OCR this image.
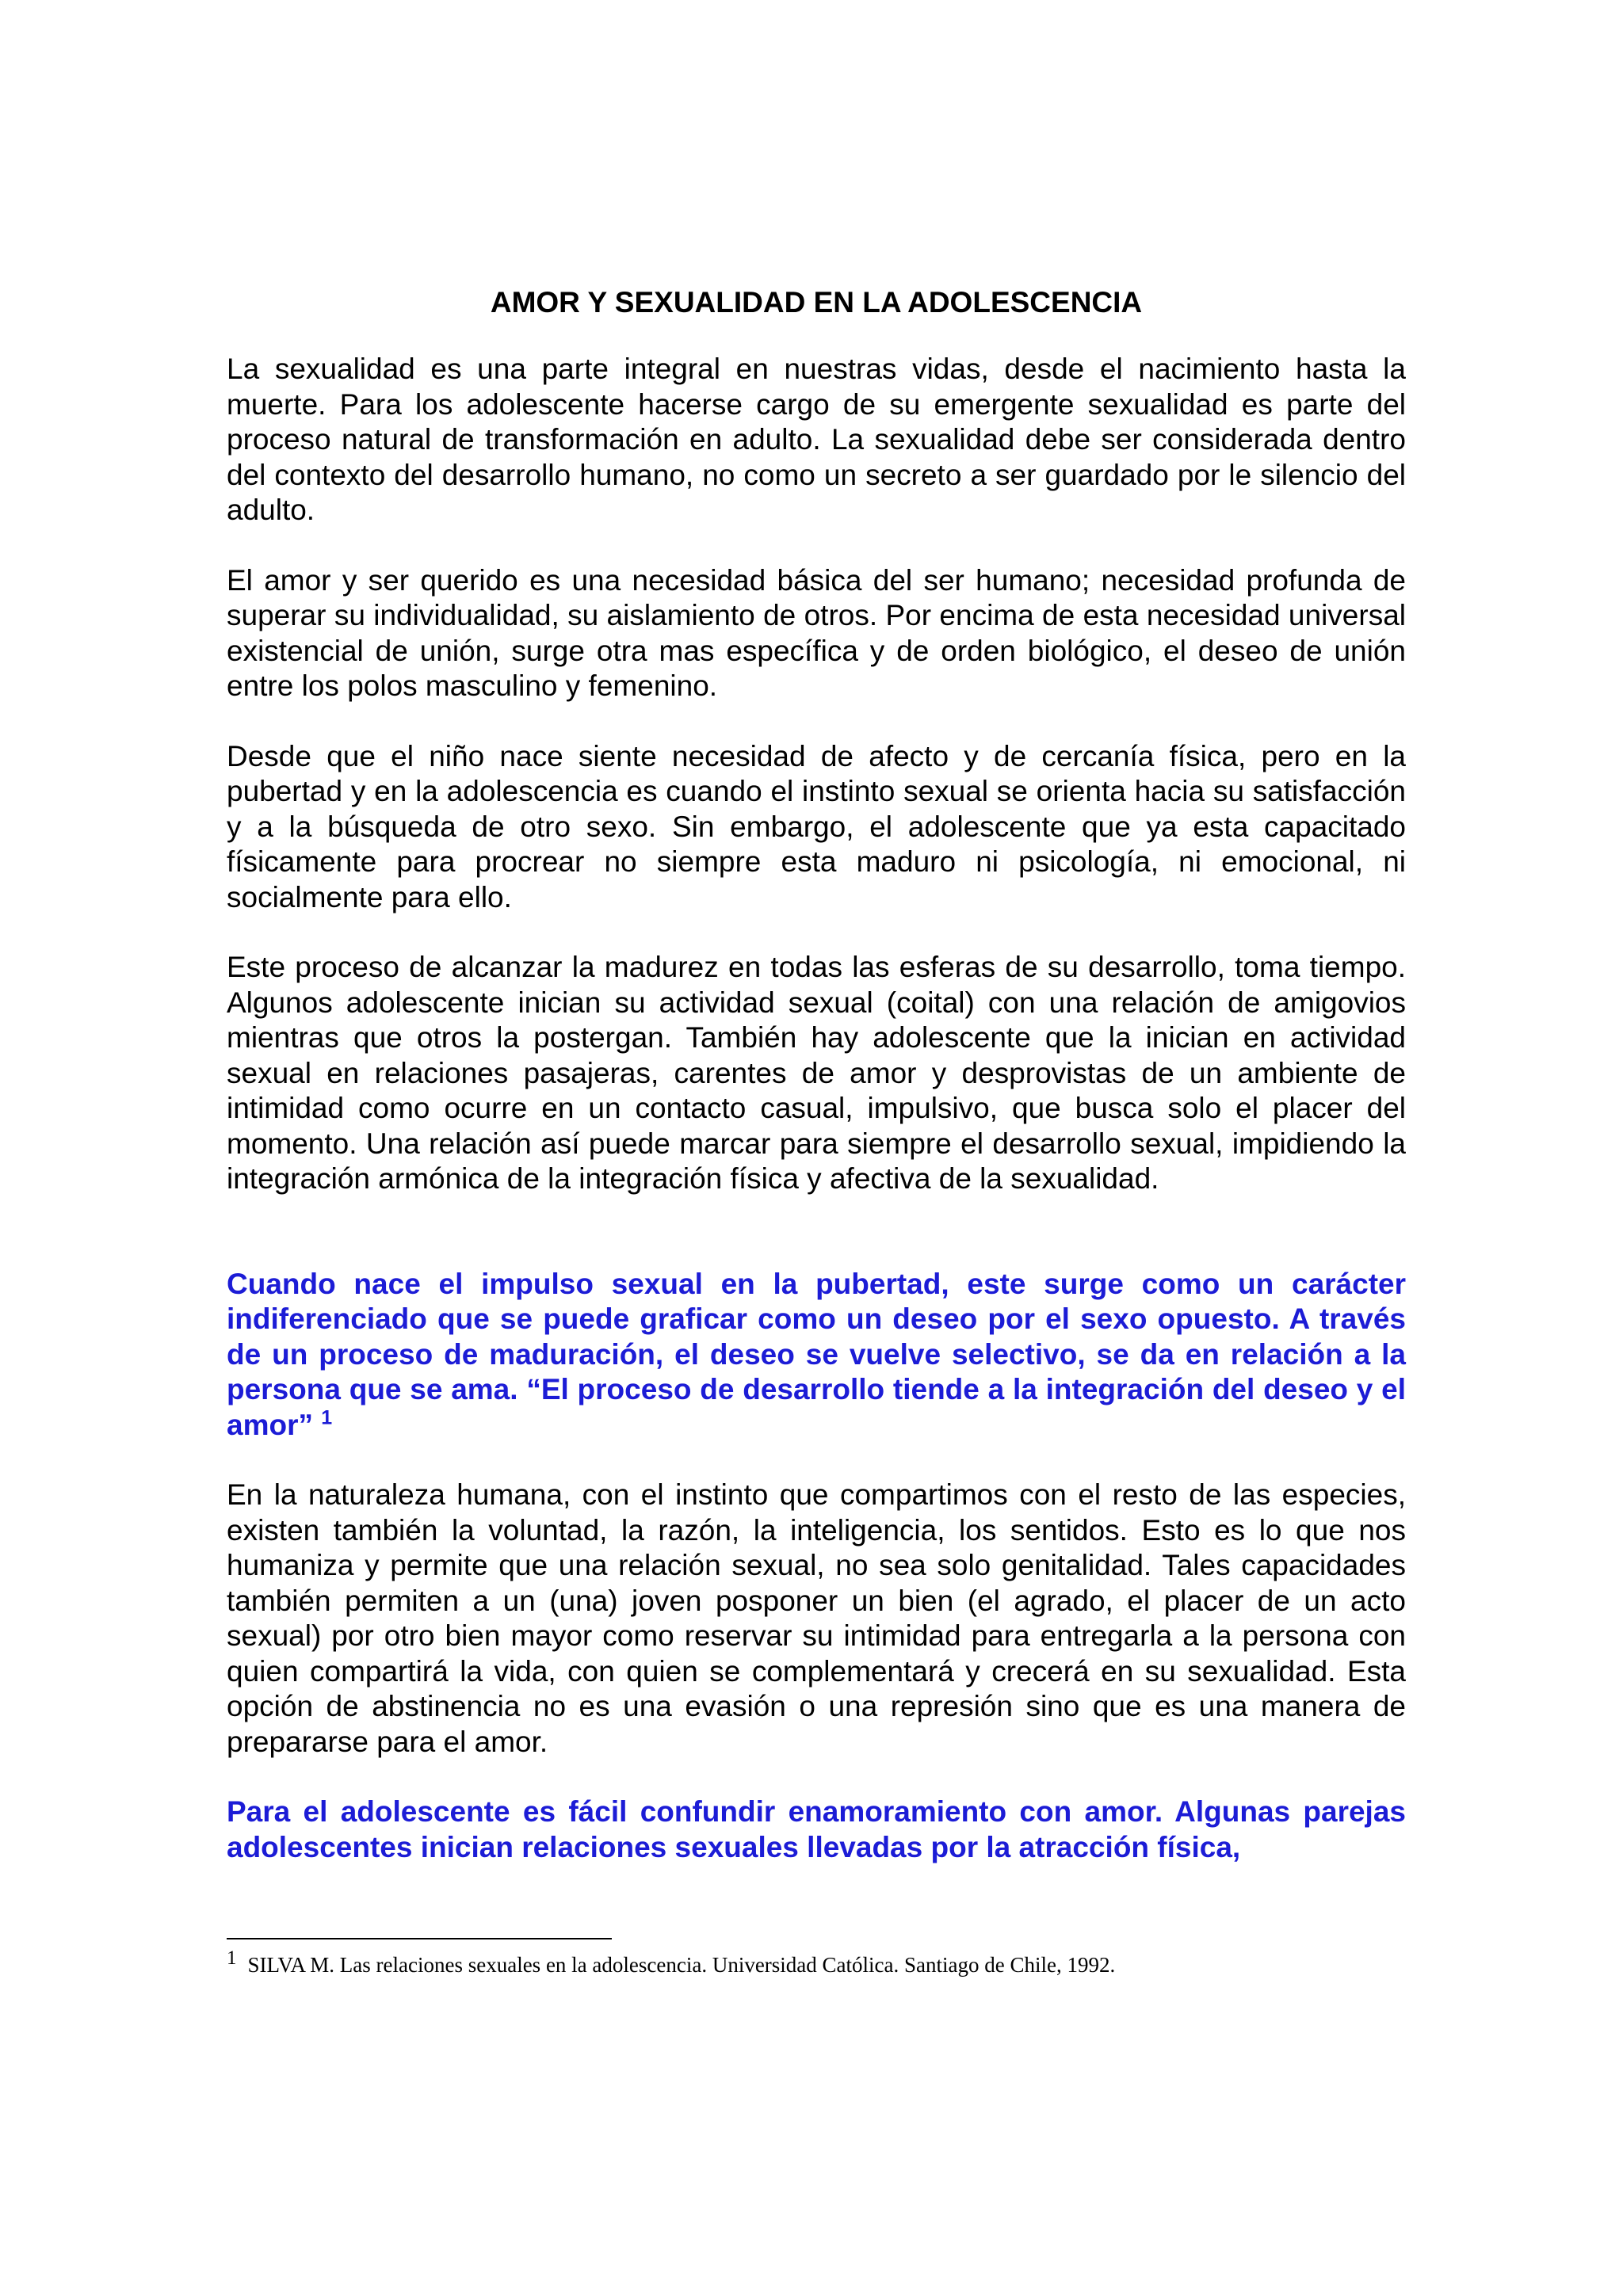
AMOR Y SEXUALIDAD EN LA ADOLESCENCIA

La sexualidad es una parte integral en nuestras vidas, desde el nacimiento hasta la muerte. Para los adolescente hacerse cargo de su emergente sexualidad es parte del proceso natural de transformación en adulto. La sexualidad debe ser considerada dentro del contexto del desarrollo humano, no como un secreto a ser guardado por le silencio del adulto.

El amor y ser querido es una necesidad básica del ser humano; necesidad profunda de superar su individualidad, su aislamiento de otros. Por encima de esta necesidad universal existencial de unión, surge otra mas específica y de orden biológico, el deseo de unión entre los polos masculino y femenino.

Desde que el niño nace siente necesidad de afecto y de cercanía física, pero en la pubertad y en la adolescencia es cuando el instinto sexual se orienta hacia su satisfacción y a la búsqueda de otro sexo. Sin embargo, el adolescente que ya esta capacitado físicamente para procrear no siempre esta maduro ni psicología, ni emocional, ni socialmente para ello.

Este proceso de alcanzar la madurez en todas las esferas de su desarrollo, toma tiempo. Algunos adolescente inician su actividad sexual (coital) con una relación de amigovios mientras que otros la postergan. También hay adolescente que la inician en actividad sexual en relaciones pasajeras, carentes de amor y desprovistas de un ambiente de intimidad como ocurre en un contacto casual, impulsivo, que busca solo el placer del momento. Una relación así puede marcar para siempre el desarrollo sexual, impidiendo la integración armónica de la integración física y afectiva de la sexualidad.

Cuando nace el impulso sexual en la pubertad, este surge como un carácter indiferenciado que se puede graficar como un deseo por el sexo opuesto. A través de un proceso de maduración, el deseo se vuelve selectivo, se da en relación a la persona que se ama. “El proceso de desarrollo tiende a la integración del deseo y el amor” $^1$

En la naturaleza humana, con el instinto que compartimos con el resto de las especies, existen también la voluntad, la razón, la inteligencia, los sentidos. Esto es lo que nos humaniza y permite que una relación sexual, no sea solo genitalidad. Tales capacidades también permiten a un (una) joven posponer un bien (el agrado, el placer de un acto sexual) por otro bien mayor como reservar su intimidad para entregarla a la persona con quien compartirá la vida, con quien se complementará y crecerá en su sexualidad. Esta opción de abstinencia no es una evasión o una represión sino que es una manera de prepararse para el amor.

Para el adolescente es fácil confundir enamoramiento con amor. Algunas parejas adolescentes inician relaciones sexuales llevadas por la atracción física,

1 SILVA M. Las relaciones sexuales en la adolescencia. Universidad Católica. Santiago de Chile, 1992.
